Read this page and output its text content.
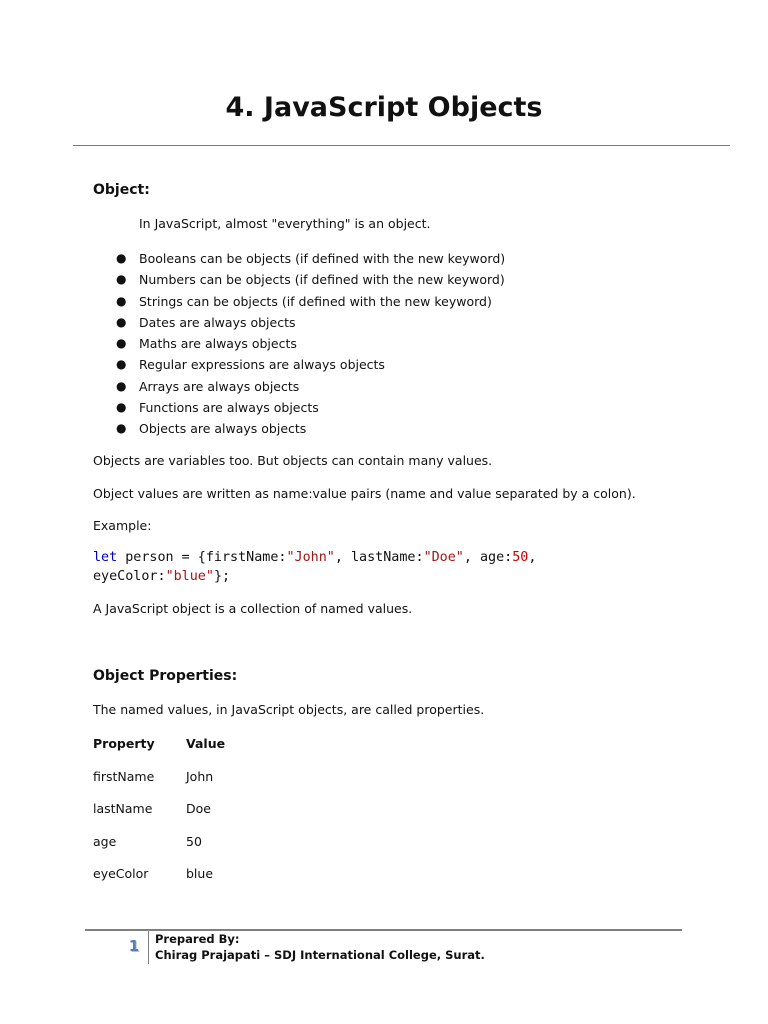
4. JavaScript Objects
Object:

In JavaScript, almost "everything" is an object.

● Booleans can be objects (if defined with the new keyword)
● Numbers can be objects (if defined with the new keyword)
● Strings can be objects (if defined with the new keyword)
● Dates are always objects
● Maths are always objects
● Regular expressions are always objects
● Arrays are always objects
● Functions are always objects
● Objects are always objects

Objects are variables too. But objects can contain many values.

Object values are written as name:value pairs (name and value separated by a colon).

Example:

let person = {firstName:"John", lastName:"Doe", age:50,
eyeColor:"blue"};

A JavaScript object is a collection of named values.

Object Properties:

The named values, in JavaScript objects, are called properties.

Property	Value
firstName	John
lastName	Doe
age	50
eyeColor	blue
1	Prepared By:
Chirag Prajapati – SDJ International College, Surat.
